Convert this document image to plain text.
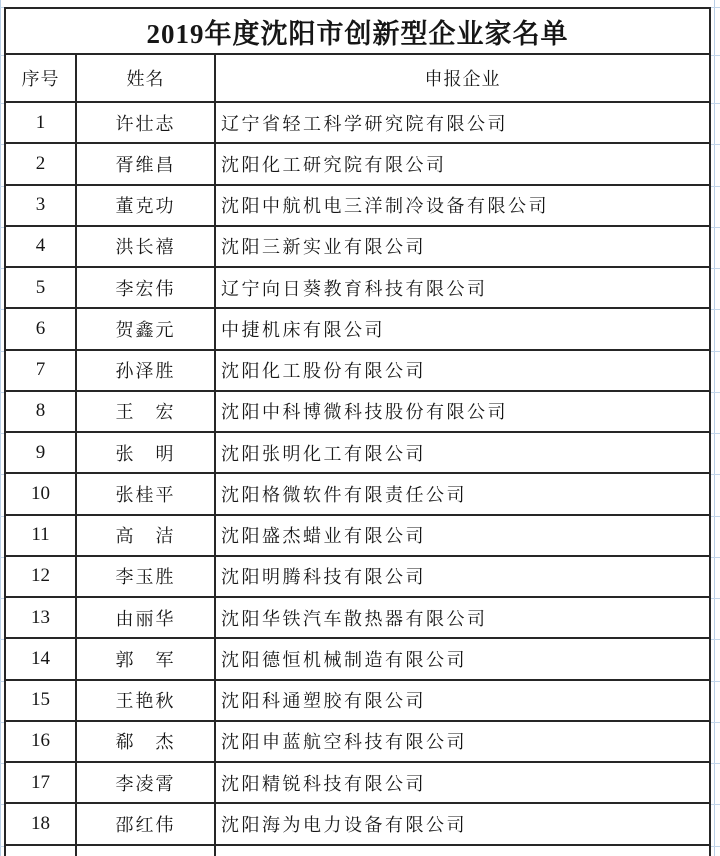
2019年度沈阳市创新型企业家名单
序号	姓名	申报企业
1	许壮志	辽宁省轻工科学研究院有限公司
2	胥维昌	沈阳化工研究院有限公司
3	董克功	沈阳中航机电三洋制冷设备有限公司
4	洪长禧	沈阳三新实业有限公司
5	李宏伟	辽宁向日葵教育科技有限公司
6	贺鑫元	中捷机床有限公司
7	孙泽胜	沈阳化工股份有限公司
8	王　宏	沈阳中科博微科技股份有限公司
9	张　明	沈阳张明化工有限公司
10	张桂平	沈阳格微软件有限责任公司
11	高　洁	沈阳盛杰蜡业有限公司
12	李玉胜	沈阳明腾科技有限公司
13	由丽华	沈阳华铁汽车散热器有限公司
14	郭　军	沈阳德恒机械制造有限公司
15	王艳秋	沈阳科通塑胶有限公司
16	郗　杰	沈阳申蓝航空科技有限公司
17	李凌霄	沈阳精锐科技有限公司
18	邵红伟	沈阳海为电力设备有限公司
